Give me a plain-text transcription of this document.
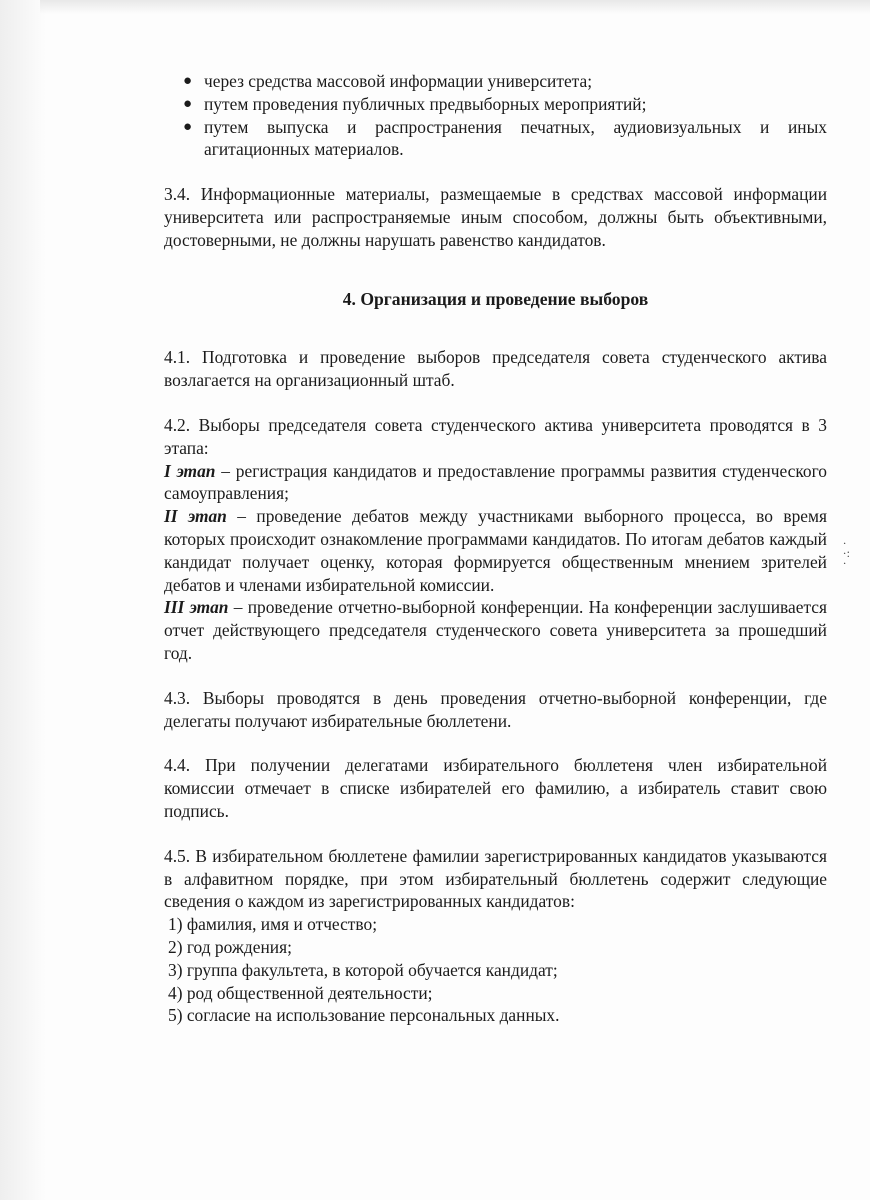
·
·:
·
● через средства массовой информации университета;
● путем проведения публичных предвыборных мероприятий;
● путем выпуска и распространения печатных, аудиовизуальных и иных агитационных материалов.

3.4. Информационные материалы, размещаемые в средствах массовой информации университета или распространяемые иным способом, должны быть объективными, достоверными, не должны нарушать равенство кандидатов.

4. Организация и проведение выборов

4.1. Подготовка и проведение выборов председателя совета студенческого актива возлагается на организационный штаб.

4.2. Выборы председателя совета студенческого актива университета проводятся в 3 этапа:

I этап – регистрация кандидатов и предоставление программы развития студенческого самоуправления;

II этап – проведение дебатов между участниками выборного процесса, во время которых происходит ознакомление программами кандидатов. По итогам дебатов каждый кандидат получает оценку, которая формируется общественным мнением зрителей дебатов и членами избирательной комиссии.

III этап – проведение отчетно-выборной конференции. На конференции заслушивается отчет действующего председателя студенческого совета университета за прошедший год.

4.3. Выборы проводятся в день проведения отчетно-выборной конференции, где делегаты получают избирательные бюллетени.

4.4. При получении делегатами избирательного бюллетеня член избирательной комиссии отмечает в списке избирателей его фамилию, а избиратель ставит свою подпись.

4.5. В избирательном бюллетене фамилии зарегистрированных кандидатов указываются в алфавитном порядке, при этом избирательный бюллетень содержит следующие сведения о каждом из зарегистрированных кандидатов:

1) фамилия, имя и отчество;

2) год рождения;

3) группа факультета, в которой обучается кандидат;

4) род общественной деятельности;

5) согласие на использование персональных данных.
